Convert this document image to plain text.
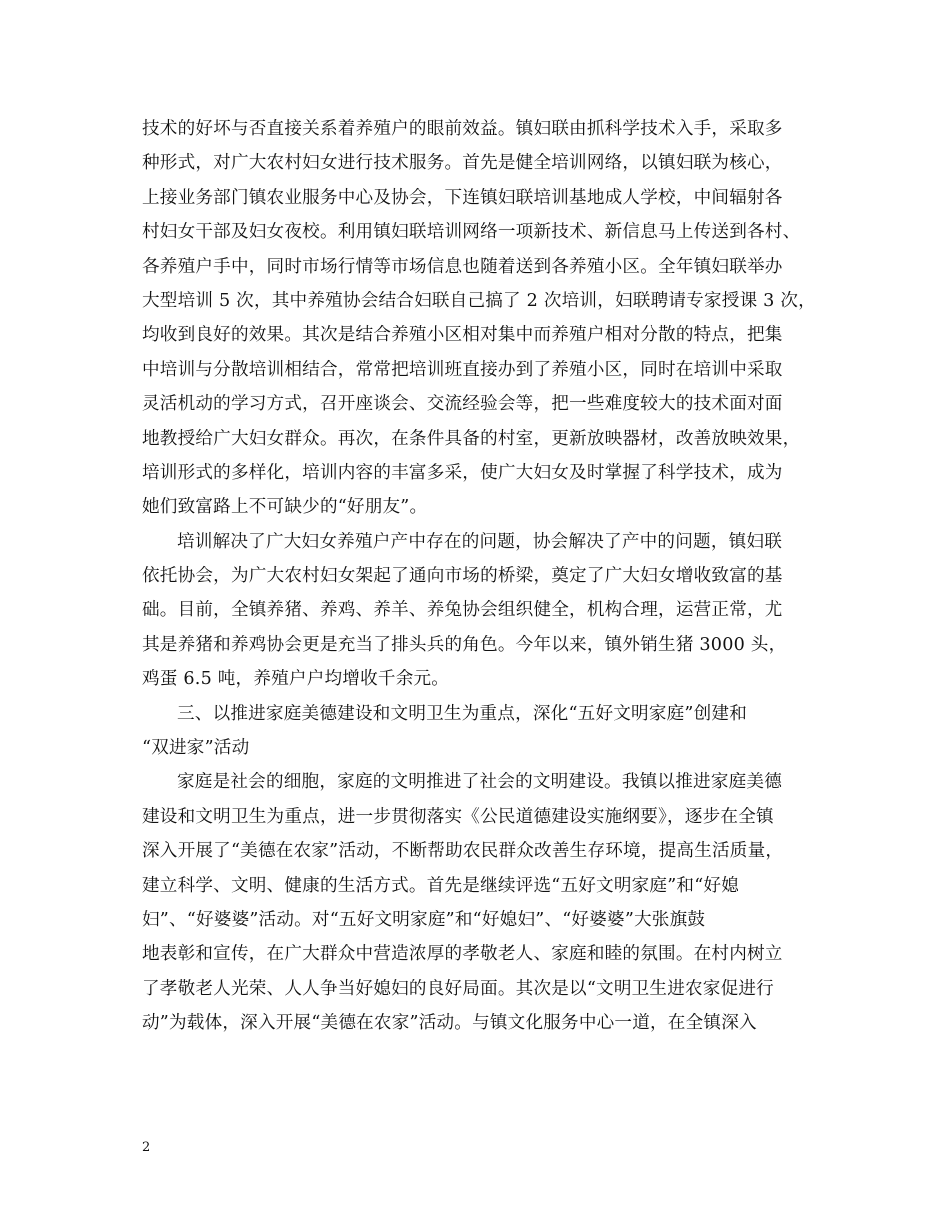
技术的好坏与否直接关系着养殖户的眼前效益。镇妇联由抓科学技术入手，采取多
种形式，对广大农村妇女进行技术服务。首先是健全培训网络，以镇妇联为核心，
上接业务部门镇农业服务中心及协会，下连镇妇联培训基地成人学校，中间辐射各
村妇女干部及妇女夜校。利用镇妇联培训网络一项新技术、新信息马上传送到各村、
各养殖户手中，同时市场行情等市场信息也随着送到各养殖小区。全年镇妇联举办
大型培训 5 次，其中养殖协会结合妇联自己搞了 2 次培训，妇联聘请专家授课 3 次，
均收到良好的效果。其次是结合养殖小区相对集中而养殖户相对分散的特点，把集
中培训与分散培训相结合，常常把培训班直接办到了养殖小区，同时在培训中采取
灵活机动的学习方式，召开座谈会、交流经验会等，把一些难度较大的技术面对面
地教授给广大妇女群众。再次，在条件具备的村室，更新放映器材，改善放映效果，
培训形式的多样化，培训内容的丰富多采，使广大妇女及时掌握了科学技术，成为
她们致富路上不可缺少的“好朋友”。
培训解决了广大妇女养殖户产中存在的问题，协会解决了产中的问题，镇妇联
依托协会，为广大农村妇女架起了通向市场的桥梁，奠定了广大妇女增收致富的基
础。目前，全镇养猪、养鸡、养羊、养兔协会组织健全，机构合理，运营正常，尤
其是养猪和养鸡协会更是充当了排头兵的角色。今年以来，镇外销生猪 3000 头，
鸡蛋 6.5 吨，养殖户户均增收千余元。
三、以推进家庭美德建设和文明卫生为重点，深化“五好文明家庭”创建和
“双进家”活动
家庭是社会的细胞，家庭的文明推进了社会的文明建设。我镇以推进家庭美德
建设和文明卫生为重点，进一步贯彻落实《公民道德建设实施纲要》，逐步在全镇
深入开展了“美德在农家”活动，不断帮助农民群众改善生存环境，提高生活质量，
建立科学、文明、健康的生活方式。首先是继续评选“五好文明家庭”和“好媳
妇”、“好婆婆”活动。对“五好文明家庭”和“好媳妇”、“好婆婆”大张旗鼓
地表彰和宣传，在广大群众中营造浓厚的孝敬老人、家庭和睦的氛围。在村内树立
了孝敬老人光荣、人人争当好媳妇的良好局面。其次是以“文明卫生进农家促进行
动”为载体，深入开展“美德在农家”活动。与镇文化服务中心一道，在全镇深入
2
